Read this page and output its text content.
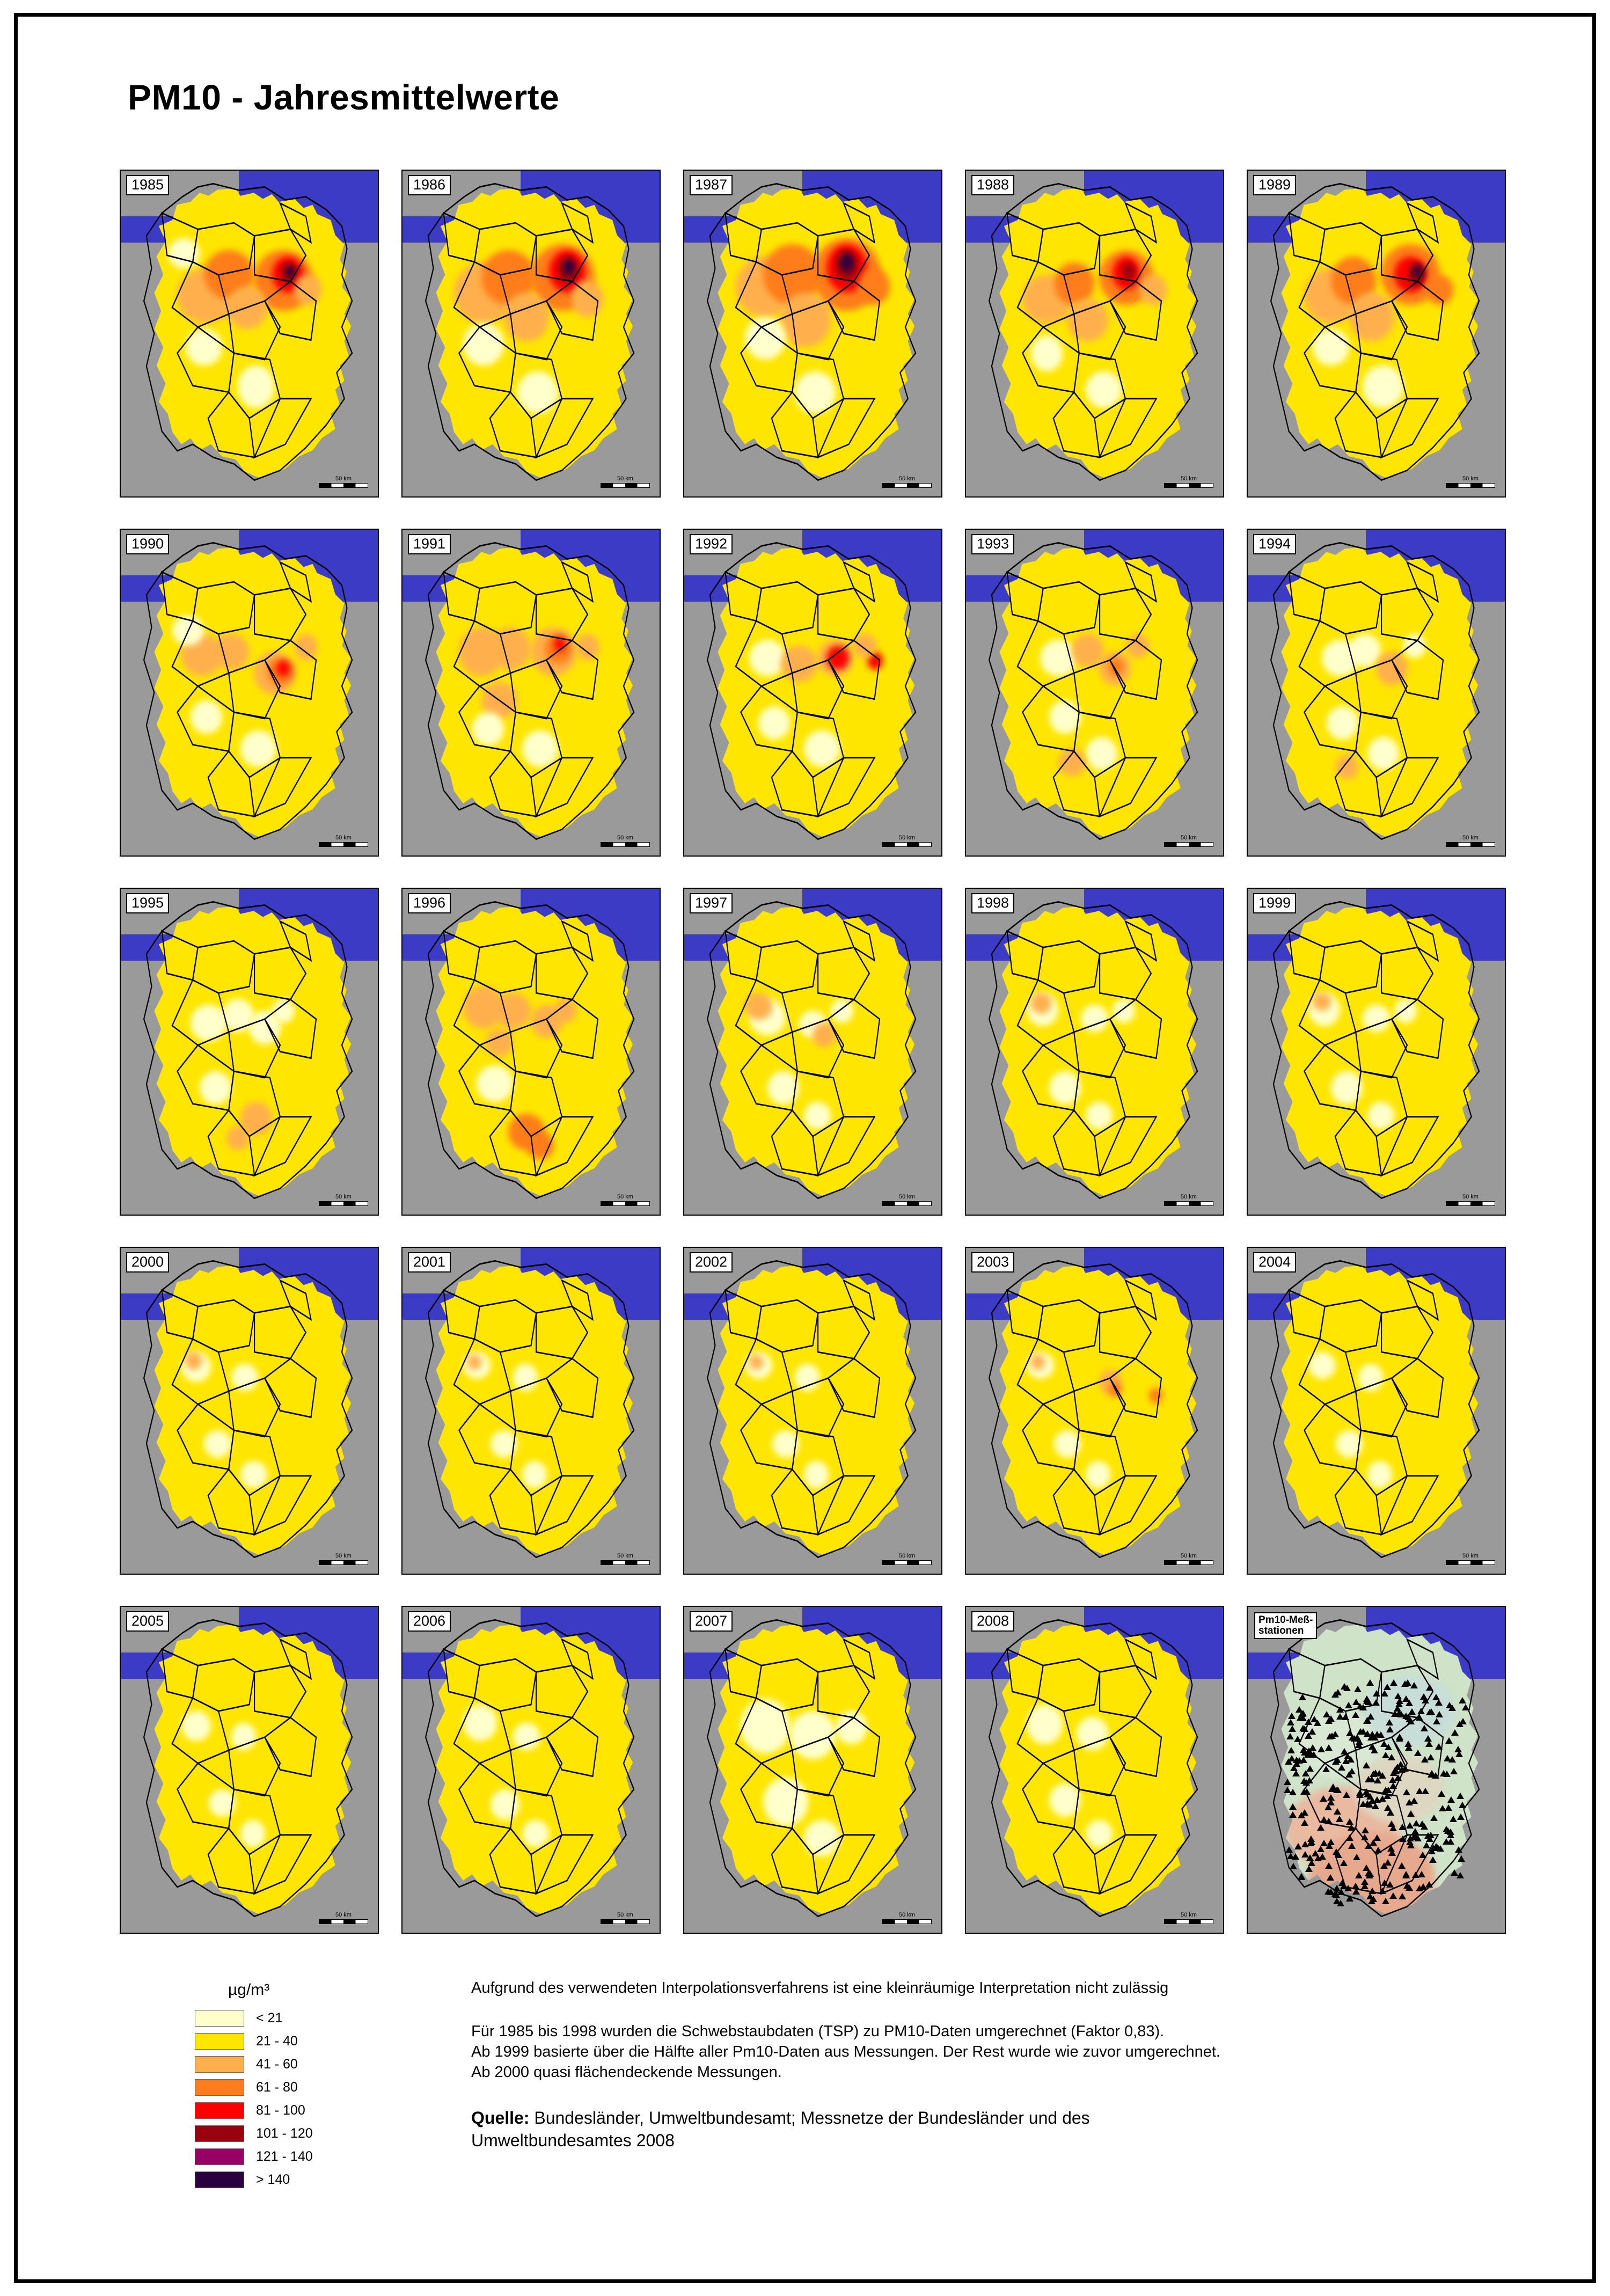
PM10 - Jahresmittelwerte
1985
50 km
1986
50 km
1987
50 km
1988
50 km
1989
50 km
1990
50 km
1991
50 km
1992
50 km
1993
50 km
1994
50 km
1995
50 km
1996
50 km
1997
50 km
1998
50 km
1999
50 km
2000
50 km
2001
50 km
2002
50 km
2003
50 km
2004
50 km
2005
50 km
2006
50 km
2007
50 km
2008
50 km
Pm10-Meß-
stationen
µg/m³
< 21
21 - 40
41 - 60
61 - 80
81 - 100
101 - 120
121 - 140
> 140
Aufgrund des verwendeten Interpolationsverfahrens ist eine kleinräumige Interpretation nicht zulässig
Für 1985 bis 1998 wurden die Schwebstaubdaten (TSP) zu PM10-Daten umgerechnet (Faktor 0,83).
Ab 1999 basierte über die Hälfte aller Pm10-Daten aus Messungen. Der Rest wurde wie zuvor umgerechnet.
Ab 2000 quasi flächendeckende Messungen.
Quelle: Bundesländer, Umweltbundesamt; Messnetze der Bundesländer und des
Umweltbundesamtes 2008
